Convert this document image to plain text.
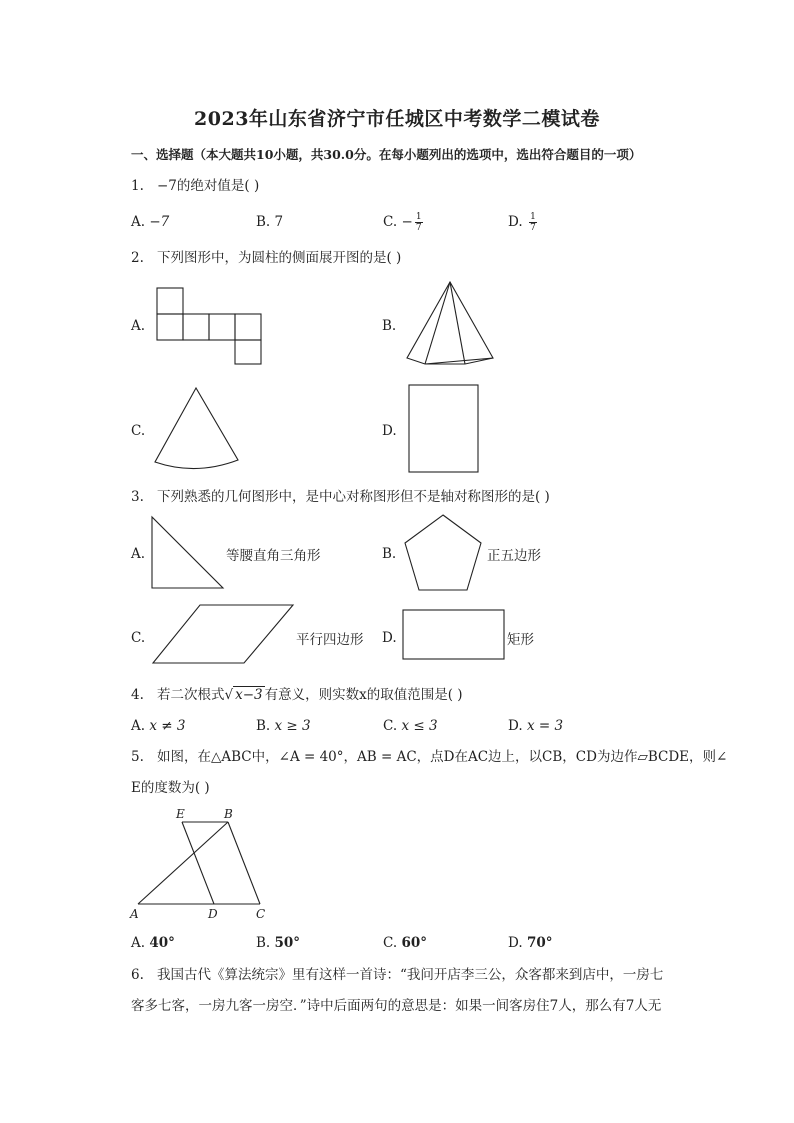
2023年山东省济宁市任城区中考数学二模试卷
一、选择题（本大题共10小题，共30.0分。在每小题列出的选项中，选出符合题目的一项）
1. −7的绝对值是( )
A. −7	B. 7	C. − $\frac{1}{7}$	D. $\frac{1}{7}$
2. 下列图形中，为圆柱的侧面展开图的是( )
A.	B.
C.	D.
3. 下列熟悉的几何图形中，是中心对称图形但不是轴对称图形的是( )
A.	等腰直角三角形	B.	正五边形
C.	平行四边形 D.	矩形
4. 若二次根式√ x−3 有意义，则实数x的取值范围是( )
A. x ≠ 3	B. x ≥ 3	C. x ≤ 3	D. x = 3
5. 如图，在△ABC中，∠A = 40°，AB = AC，点D在AC边上，以CB，CD为边作▱BCDE，则∠
E的度数为( )
E	B
A	D	C
A. 40°	B. 50°	C. 60°	D. 70°
6. 我国古代《算法统宗》里有这样一首诗：“我问开店李三公，众客都来到店中，一房七
客多七客，一房九客一房空．”诗中后面两句的意思是：如果一间客房住7人，那么有7人无
